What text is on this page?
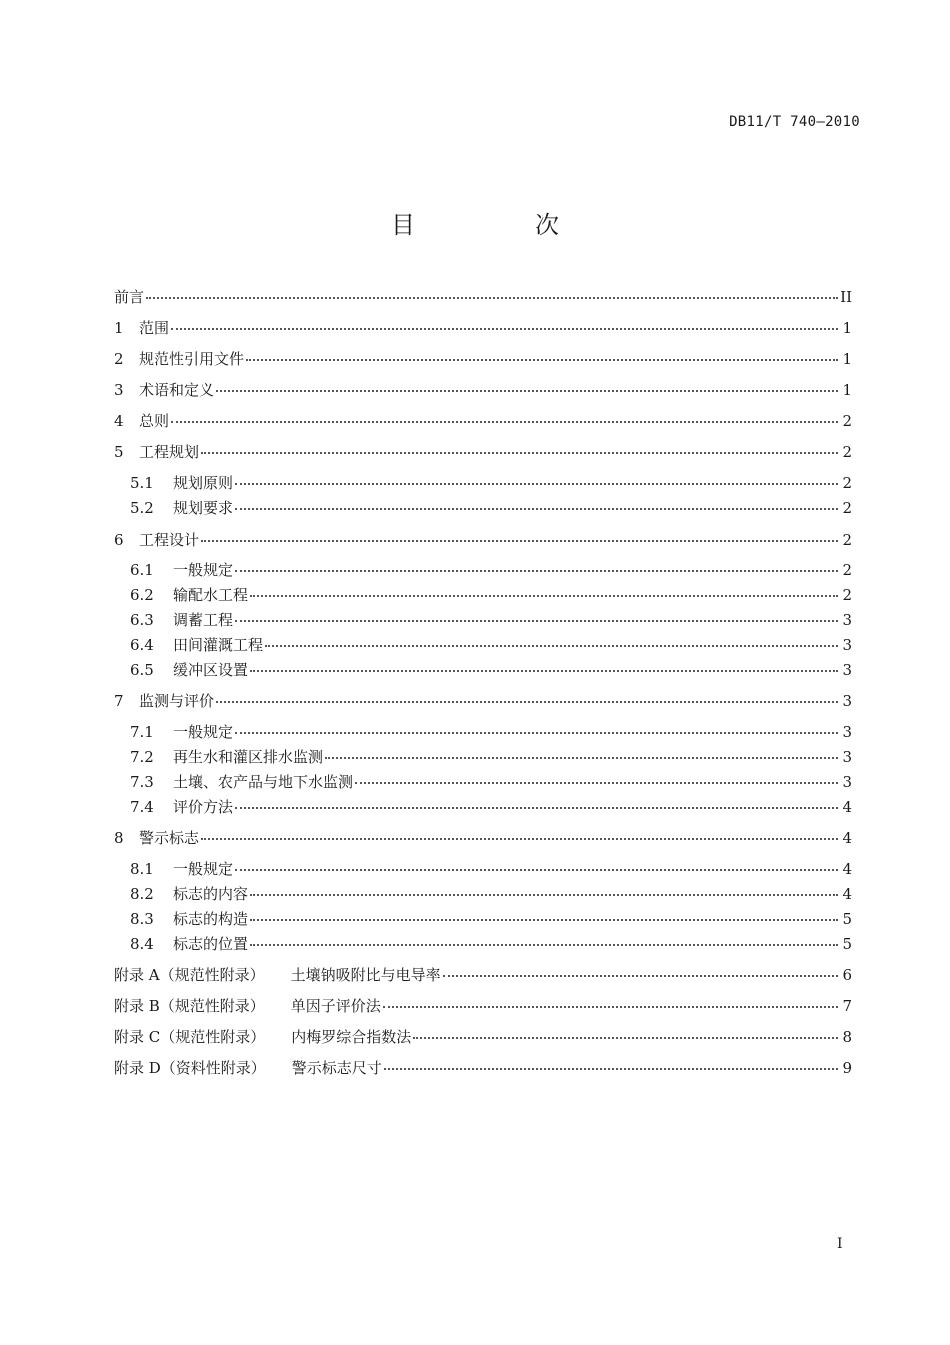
DB11/T 740—2010
目　次
前言	II
1	范围	1
2	规范性引用文件	1
3	术语和定义	1
4	总则	2
5	工程规划	2
5.1	规划原则	2
5.2	规划要求	2
6	工程设计	2
6.1	一般规定	2
6.2	输配水工程	2
6.3	调蓄工程	3
6.4	田间灌溉工程	3
6.5	缓冲区设置	3
7	监测与评价	3
7.1	一般规定	3
7.2	再生水和灌区排水监测	3
7.3	土壤、农产品与地下水监测	3
7.4	评价方法	4
8	警示标志	4
8.1	一般规定	4
8.2	标志的内容	4
8.3	标志的构造	5
8.4	标志的位置	5
附录 A（规范性附录） 土壤钠吸附比与电导率	6
附录 B（规范性附录） 单因子评价法	7
附录 C（规范性附录） 内梅罗综合指数法	8
附录 D（资料性附录） 警示标志尺寸	9
I
